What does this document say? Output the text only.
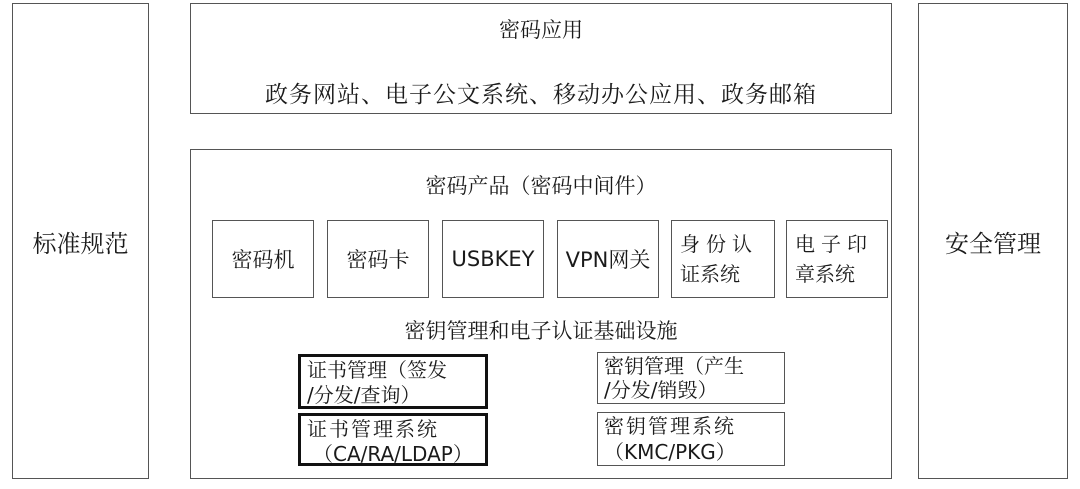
标准规范	安全管理
密码应用
政务网站、电子公文系统、移动办公应用、政务邮箱
密码产品（密码中间件）
密码机 密码卡 USBKEY VPN网关
身份认
证系统
电子印
章系统
密钥管理和电子认证基础设施
证书管理（签发
/分发/查询）
证书管理系统
（CA/RA/LDAP）
密钥管理（产生
/分发/销毁）
密钥管理系统
（KMC/PKG）
